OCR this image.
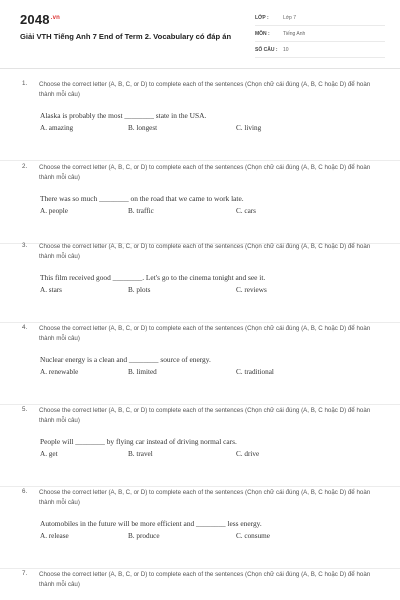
$2048^{.vn}$
Giải VTH Tiếng Anh 7 End of Term 2. Vocabulary có đáp án
LỚP :	Lớp 7
MÔN :	Tiếng Anh
SỐ CÂU :	10
1.	Choose the correct letter (A, B, C, or D) to complete each of the sentences (Chọn chữ cái đúng (A, B, C hoặc D) để hoàn thành mỗi câu)
Alaska is probably the most ________ state in the USA.
A. amazing	B. longest	C. living
2.	Choose the correct letter (A, B, C, or D) to complete each of the sentences (Chọn chữ cái đúng (A, B, C hoặc D) để hoàn thành mỗi câu)
There was so much ________ on the road that we came to work late.
A. people	B. traffic	C. cars
3.	Choose the correct letter (A, B, C, or D) to complete each of the sentences (Chọn chữ cái đúng (A, B, C hoặc D) để hoàn thành mỗi câu)
This film received good ________. Let's go to the cinema tonight and see it.
A. stars	B. plots	C. reviews
4.	Choose the correct letter (A, B, C, or D) to complete each of the sentences (Chọn chữ cái đúng (A, B, C hoặc D) để hoàn thành mỗi câu)
Nuclear energy is a clean and ________ source of energy.
A. renewable	B. limited	C. traditional
5.	Choose the correct letter (A, B, C, or D) to complete each of the sentences (Chọn chữ cái đúng (A, B, C hoặc D) để hoàn thành mỗi câu)
People will ________ by flying car instead of driving normal cars.
A. get	B. travel	C. drive
6.	Choose the correct letter (A, B, C, or D) to complete each of the sentences (Chọn chữ cái đúng (A, B, C hoặc D) để hoàn thành mỗi câu)
Automobiles in the future will be more efficient and ________ less energy.
A. release	B. produce	C. consume
7.	Choose the correct letter (A, B, C, or D) to complete each of the sentences (Chọn chữ cái đúng (A, B, C hoặc D) để hoàn thành mỗi câu)
